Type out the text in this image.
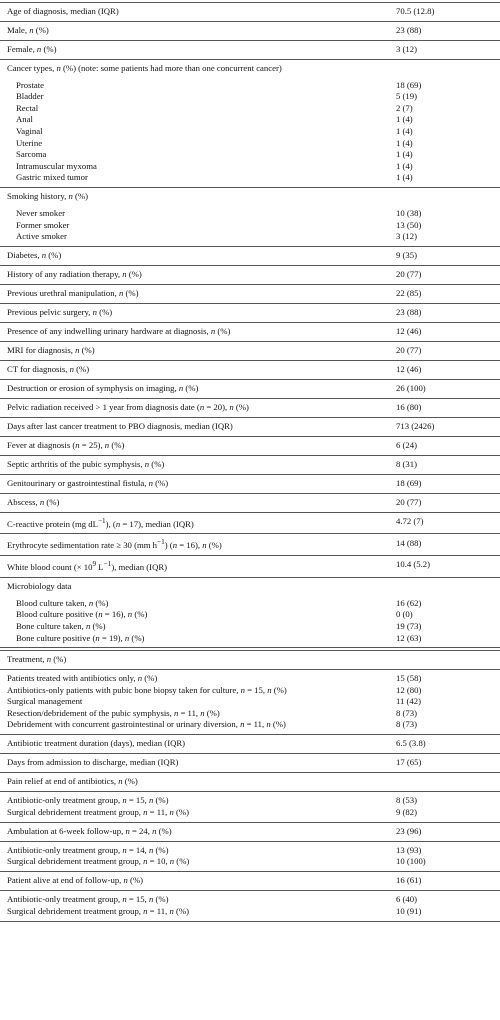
Age of diagnosis, median (IQR)	70.5 (12.8)
Male, n (%)	23 (88)
Female, n (%)	3 (12)
Cancer types, n (%) (note: some patients had more than one concurrent cancer)
Prostate	18 (69)
Bladder	5 (19)
Rectal	2 (7)
Anal	1 (4)
Vaginal	1 (4)
Uterine	1 (4)
Sarcoma	1 (4)
Intramuscular myxoma	1 (4)
Gastric mixed tumor	1 (4)
Smoking history, n (%)
Never smoker	10 (38)
Former smoker	13 (50)
Active smoker	3 (12)
Diabetes, n (%)	9 (35)
History of any radiation therapy, n (%)	20 (77)
Previous urethral manipulation, n (%)	22 (85)
Previous pelvic surgery, n (%)	23 (88)
Presence of any indwelling urinary hardware at diagnosis, n (%)	12 (46)
MRI for diagnosis, n (%)	20 (77)
CT for diagnosis, n (%)	12 (46)
Destruction or erosion of symphysis on imaging, n (%)	26 (100)
Pelvic radiation received > 1 year from diagnosis date (n = 20), n (%)	16 (80)
Days after last cancer treatment to PBO diagnosis, median (IQR)	713 (2426)
Fever at diagnosis (n = 25), n (%)	6 (24)
Septic arthritis of the pubic symphysis, n (%)	8 (31)
Genitourinary or gastrointestinal fistula, n (%)	18 (69)
Abscess, n (%)	20 (77)
C-reactive protein (mg $dL^{-1}$), (n = 17), median (IQR)	4.72 (7)
Erythrocyte sedimentation rate ≥ 30 (mm $h^{-1}$) (n = 16), n (%)	14 (88)
White blood count (× $10^9$ $L^{-1}$), median (IQR)	10.4 (5.2)
Microbiology data
Blood culture taken, n (%)	16 (62)
Blood culture positive (n = 16), n (%)	0 (0)
Bone culture taken, n (%)	19 (73)
Bone culture positive (n = 19), n (%)	12 (63)
Treatment, n (%)
Patients treated with antibiotics only, n (%)	15 (58)
Antibiotics-only patients with pubic bone biopsy taken for culture, n = 15, n (%)	12 (80)
Surgical management	11 (42)
Resection/debridement of the pubic symphysis, n = 11, n (%)	8 (73)
Debridement with concurrent gastrointestinal or urinary diversion, n = 11, n (%)	8 (73)
Antibiotic treatment duration (days), median (IQR)	6.5 (3.8)
Days from admission to discharge, median (IQR)	17 (65)
Pain relief at end of antibiotics, n (%)
Antibiotic-only treatment group, n = 15, n (%)	8 (53)
Surgical debridement treatment group, n = 11, n (%)	9 (82)
Ambulation at 6-week follow-up, n = 24, n (%)	23 (96)
Antibiotic-only treatment group, n = 14, n (%)	13 (93)
Surgical debridement treatment group, n = 10, n (%)	10 (100)
Patient alive at end of follow-up, n (%)	16 (61)
Antibiotic-only treatment group, n = 15, n (%)	6 (40)
Surgical debridement treatment group, n = 11, n (%)	10 (91)
